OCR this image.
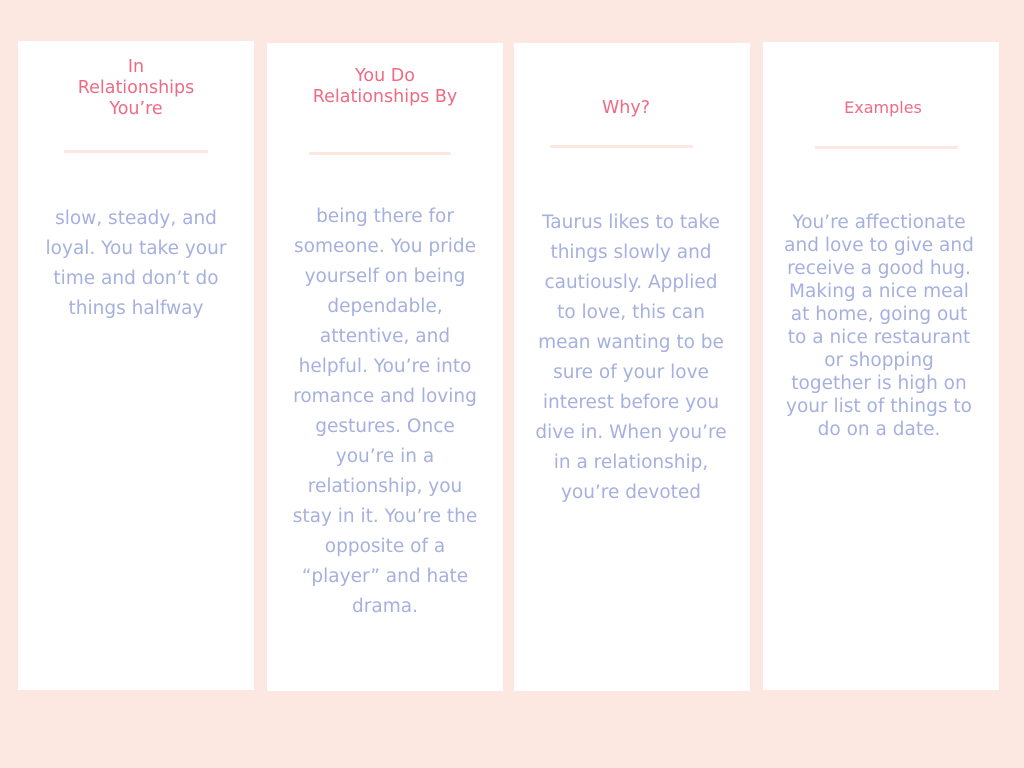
In
Relationships
You’re
slow, steady, and
loyal. You take your
time and don’t do
things halfway
You Do
Relationships By
being there for
someone. You pride
yourself on being
dependable,
attentive, and
helpful. You’re into
romance and loving
gestures. Once
you’re in a
relationship, you
stay in it. You’re the
opposite of a
“player” and hate
drama.
Why?
Taurus likes to take
things slowly and
cautiously. Applied
to love, this can
mean wanting to be
sure of your love
interest before you
dive in. When you’re
in a relationship,
you’re devoted
Examples
You’re affectionate
and love to give and
receive a good hug.
Making a nice meal
at home, going out
to a nice restaurant
or shopping
together is high on
your list of things to
do on a date.
